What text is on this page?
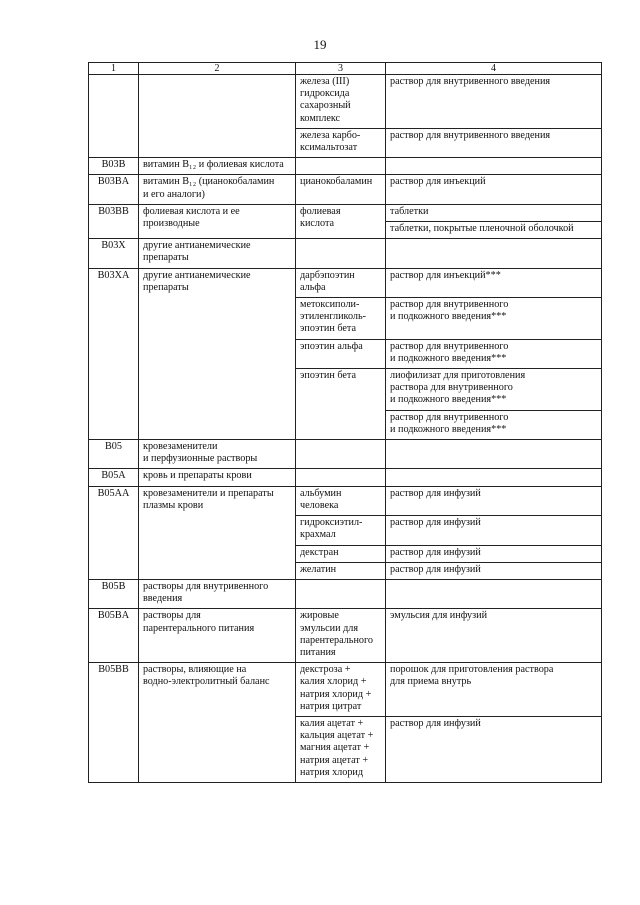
19
1	2	3	4
		железа (III)
гидроксида
сахарозный
комплекс	раствор для внутривенного введения
		железа карбо-
ксимальтозат	раствор для внутривенного введения
B03B	витамин B₁₂ и фолиевая кислота		
B03BA	витамин B₁₂ (цианокобаламин
и его аналоги)	цианокобаламин	раствор для инъекций
B03BB	фолиевая кислота и ее
производные	фолиевая
кислота	таблетки
			таблетки, покрытые пленочной оболочкой
B03X	другие антианемические
препараты		
B03XA	другие антианемические
препараты	дарбэпоэтин
альфа	раствор для инъекций***
		метоксиполи-
этиленгликоль-
эпоэтин бета	раствор для внутривенного
и подкожного введения***
		эпоэтин альфа	раствор для внутривенного
и подкожного введения***
		эпоэтин бета	лиофилизат для приготовления
раствора для внутривенного
и подкожного введения***
			раствор для внутривенного
и подкожного введения***
B05	кровезаменители
и перфузионные растворы		
B05A	кровь и препараты крови		
B05AA	кровезаменители и препараты
плазмы крови	альбумин
человека	раствор для инфузий
		гидроксиэтил-
крахмал	раствор для инфузий
		декстран	раствор для инфузий
		желатин	раствор для инфузий
B05B	растворы для внутривенного
введения		
B05BA	растворы для
парентерального питания	жировые
эмульсии для
парентерального
питания	эмульсия для инфузий
B05BB	растворы, влияющие на
водно-электролитный баланс	декстроза +
калия хлорид +
натрия хлорид +
натрия цитрат	порошок для приготовления раствора
для приема внутрь
		калия ацетат +
кальция ацетат +
магния ацетат +
натрия ацетат +
натрия хлорид	раствор для инфузий
